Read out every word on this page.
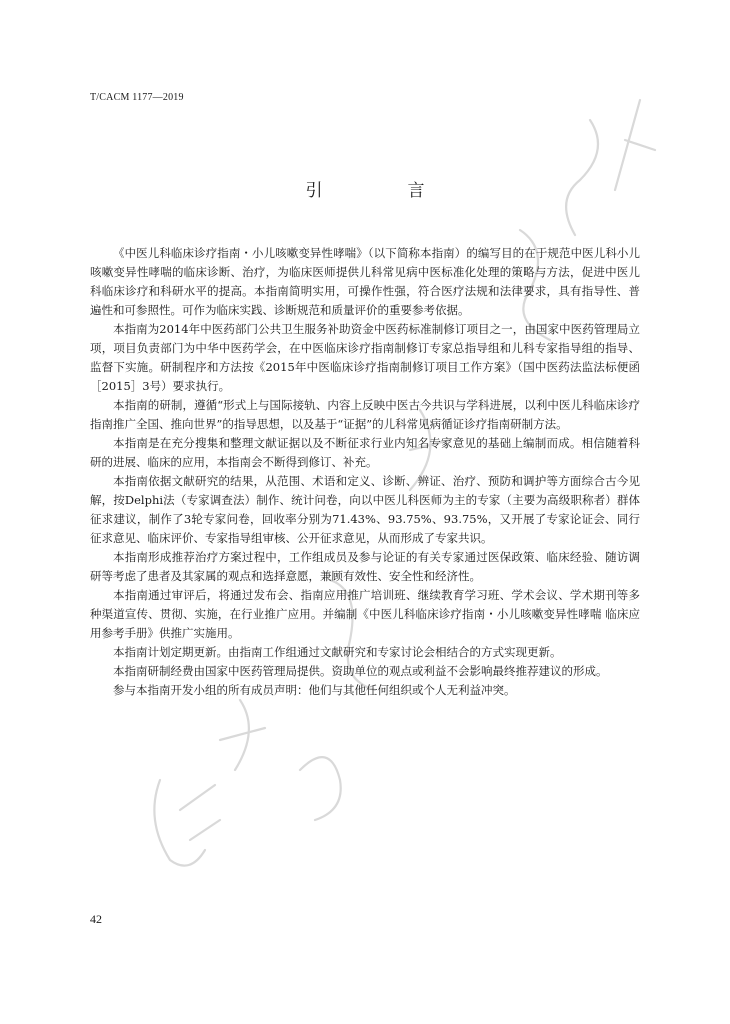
T/CACM 1177—2019
引　言

《中医儿科临床诊疗指南・小儿咳嗽变异性哮喘》（以下简称本指南）的编写目的在于规范中医儿科小儿咳嗽变异性哮喘的临床诊断、治疗，为临床医师提供儿科常见病中医标准化处理的策略与方法，促进中医儿科临床诊疗和科研水平的提高。本指南简明实用，可操作性强，符合医疗法规和法律要求，具有指导性、普遍性和可参照性。可作为临床实践、诊断规范和质量评价的重要参考依据。

本指南为2014年中医药部门公共卫生服务补助资金中医药标准制修订项目之一，由国家中医药管理局立项，项目负责部门为中华中医药学会，在中医临床诊疗指南制修订专家总指导组和儿科专家指导组的指导、监督下实施。研制程序和方法按《2015年中医临床诊疗指南制修订项目工作方案》（国中医药法监法标便函［2015］3号）要求执行。

本指南的研制，遵循“形式上与国际接轨、内容上反映中医古今共识与学科进展，以利中医儿科临床诊疗指南推广全国、推向世界”的指导思想，以及基于“证据”的儿科常见病循证诊疗指南研制方法。

本指南是在充分搜集和整理文献证据以及不断征求行业内知名专家意见的基础上编制而成。相信随着科研的进展、临床的应用，本指南会不断得到修订、补充。

本指南依据文献研究的结果，从范围、术语和定义、诊断、辨证、治疗、预防和调护等方面综合古今见解，按Delphi法（专家调查法）制作、统计问卷，向以中医儿科医师为主的专家（主要为高级职称者）群体征求建议，制作了3轮专家问卷，回收率分别为71.43%、93.75%、93.75%，又开展了专家论证会、同行征求意见、临床评价、专家指导组审核、公开征求意见，从而形成了专家共识。

本指南形成推荐治疗方案过程中，工作组成员及参与论证的有关专家通过医保政策、临床经验、随访调研等考虑了患者及其家属的观点和选择意愿，兼顾有效性、安全性和经济性。

本指南通过审评后，将通过发布会、指南应用推广培训班、继续教育学习班、学术会议、学术期刊等多种渠道宣传、贯彻、实施，在行业推广应用。并编制《中医儿科临床诊疗指南・小儿咳嗽变异性哮喘 临床应用参考手册》供推广实施用。

本指南计划定期更新。由指南工作组通过文献研究和专家讨论会相结合的方式实现更新。

本指南研制经费由国家中医药管理局提供。资助单位的观点或利益不会影响最终推荐建议的形成。

参与本指南开发小组的所有成员声明：他们与其他任何组织或个人无利益冲突。

42
